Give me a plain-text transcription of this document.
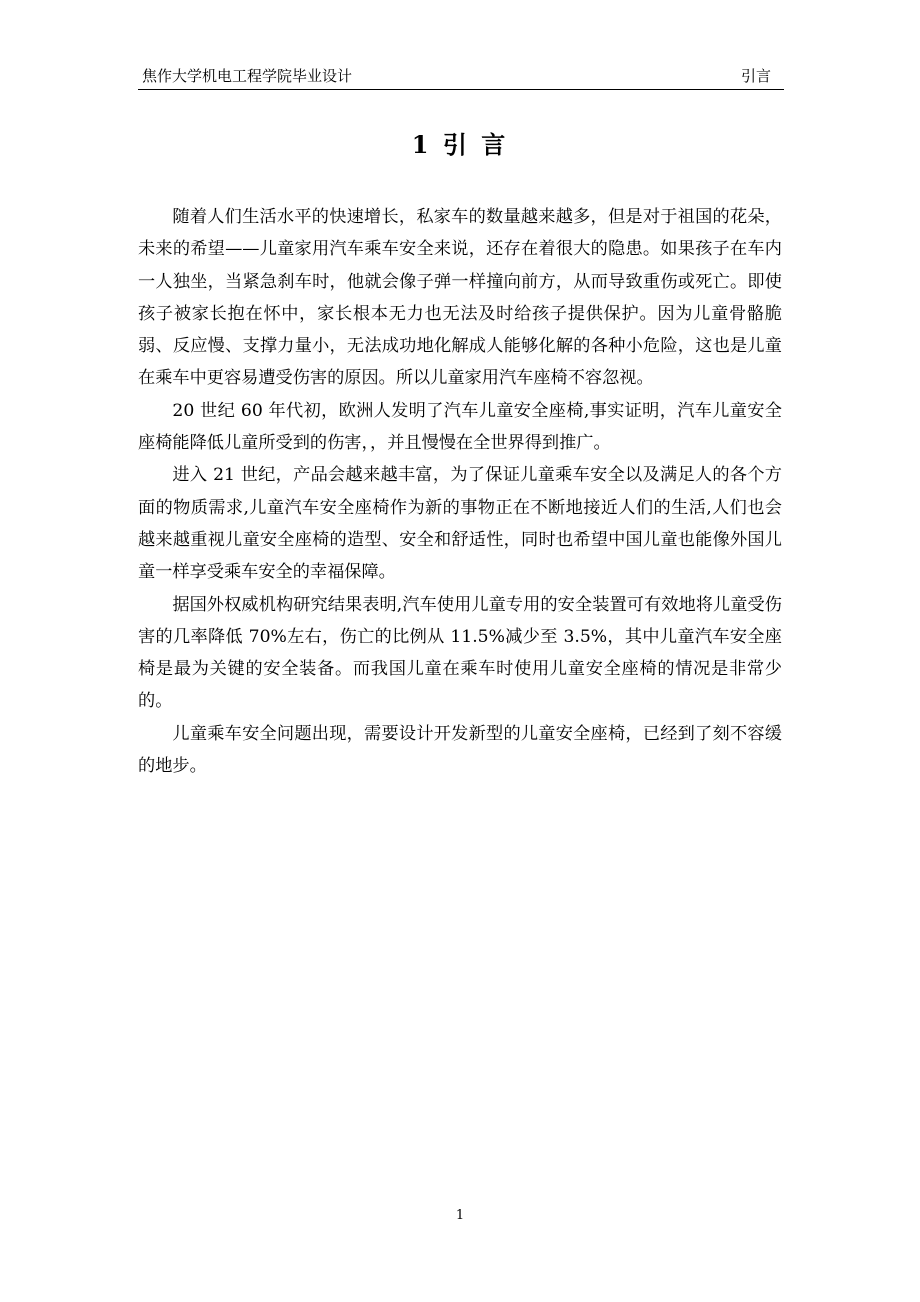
焦作大学机电工程学院毕业设计	引言
1 引 言

随着人们生活水平的快速增长，私家车的数量越来越多，但是对于祖国的花朵，未来的希望——儿童家用汽车乘车安全来说，还存在着很大的隐患。如果孩子在车内一人独坐，当紧急刹车时，他就会像子弹一样撞向前方，从而导致重伤或死亡。即使孩子被家长抱在怀中，家长根本无力也无法及时给孩子提供保护。因为儿童骨骼脆弱、反应慢、支撑力量小，无法成功地化解成人能够化解的各种小危险，这也是儿童在乘车中更容易遭受伤害的原因。所以儿童家用汽车座椅不容忽视。

20 世纪 60 年代初，欧洲人发明了汽车儿童安全座椅,事实证明，汽车儿童安全座椅能降低儿童所受到的伤害，，并且慢慢在全世界得到推广。

进入 21 世纪，产品会越来越丰富，为了保证儿童乘车安全以及满足人的各个方面的物质需求,儿童汽车安全座椅作为新的事物正在不断地接近人们的生活,人们也会越来越重视儿童安全座椅的造型、安全和舒适性，同时也希望中国儿童也能像外国儿童一样享受乘车安全的幸福保障。

据国外权威机构研究结果表明,汽车使用儿童专用的安全装置可有效地将儿童受伤害的几率降低 70%左右，伤亡的比例从 11.5%减少至 3.5%，其中儿童汽车安全座椅是最为关键的安全装备。而我国儿童在乘车时使用儿童安全座椅的情况是非常少的。

儿童乘车安全问题出现，需要设计开发新型的儿童安全座椅，已经到了刻不容缓的地步。

1
